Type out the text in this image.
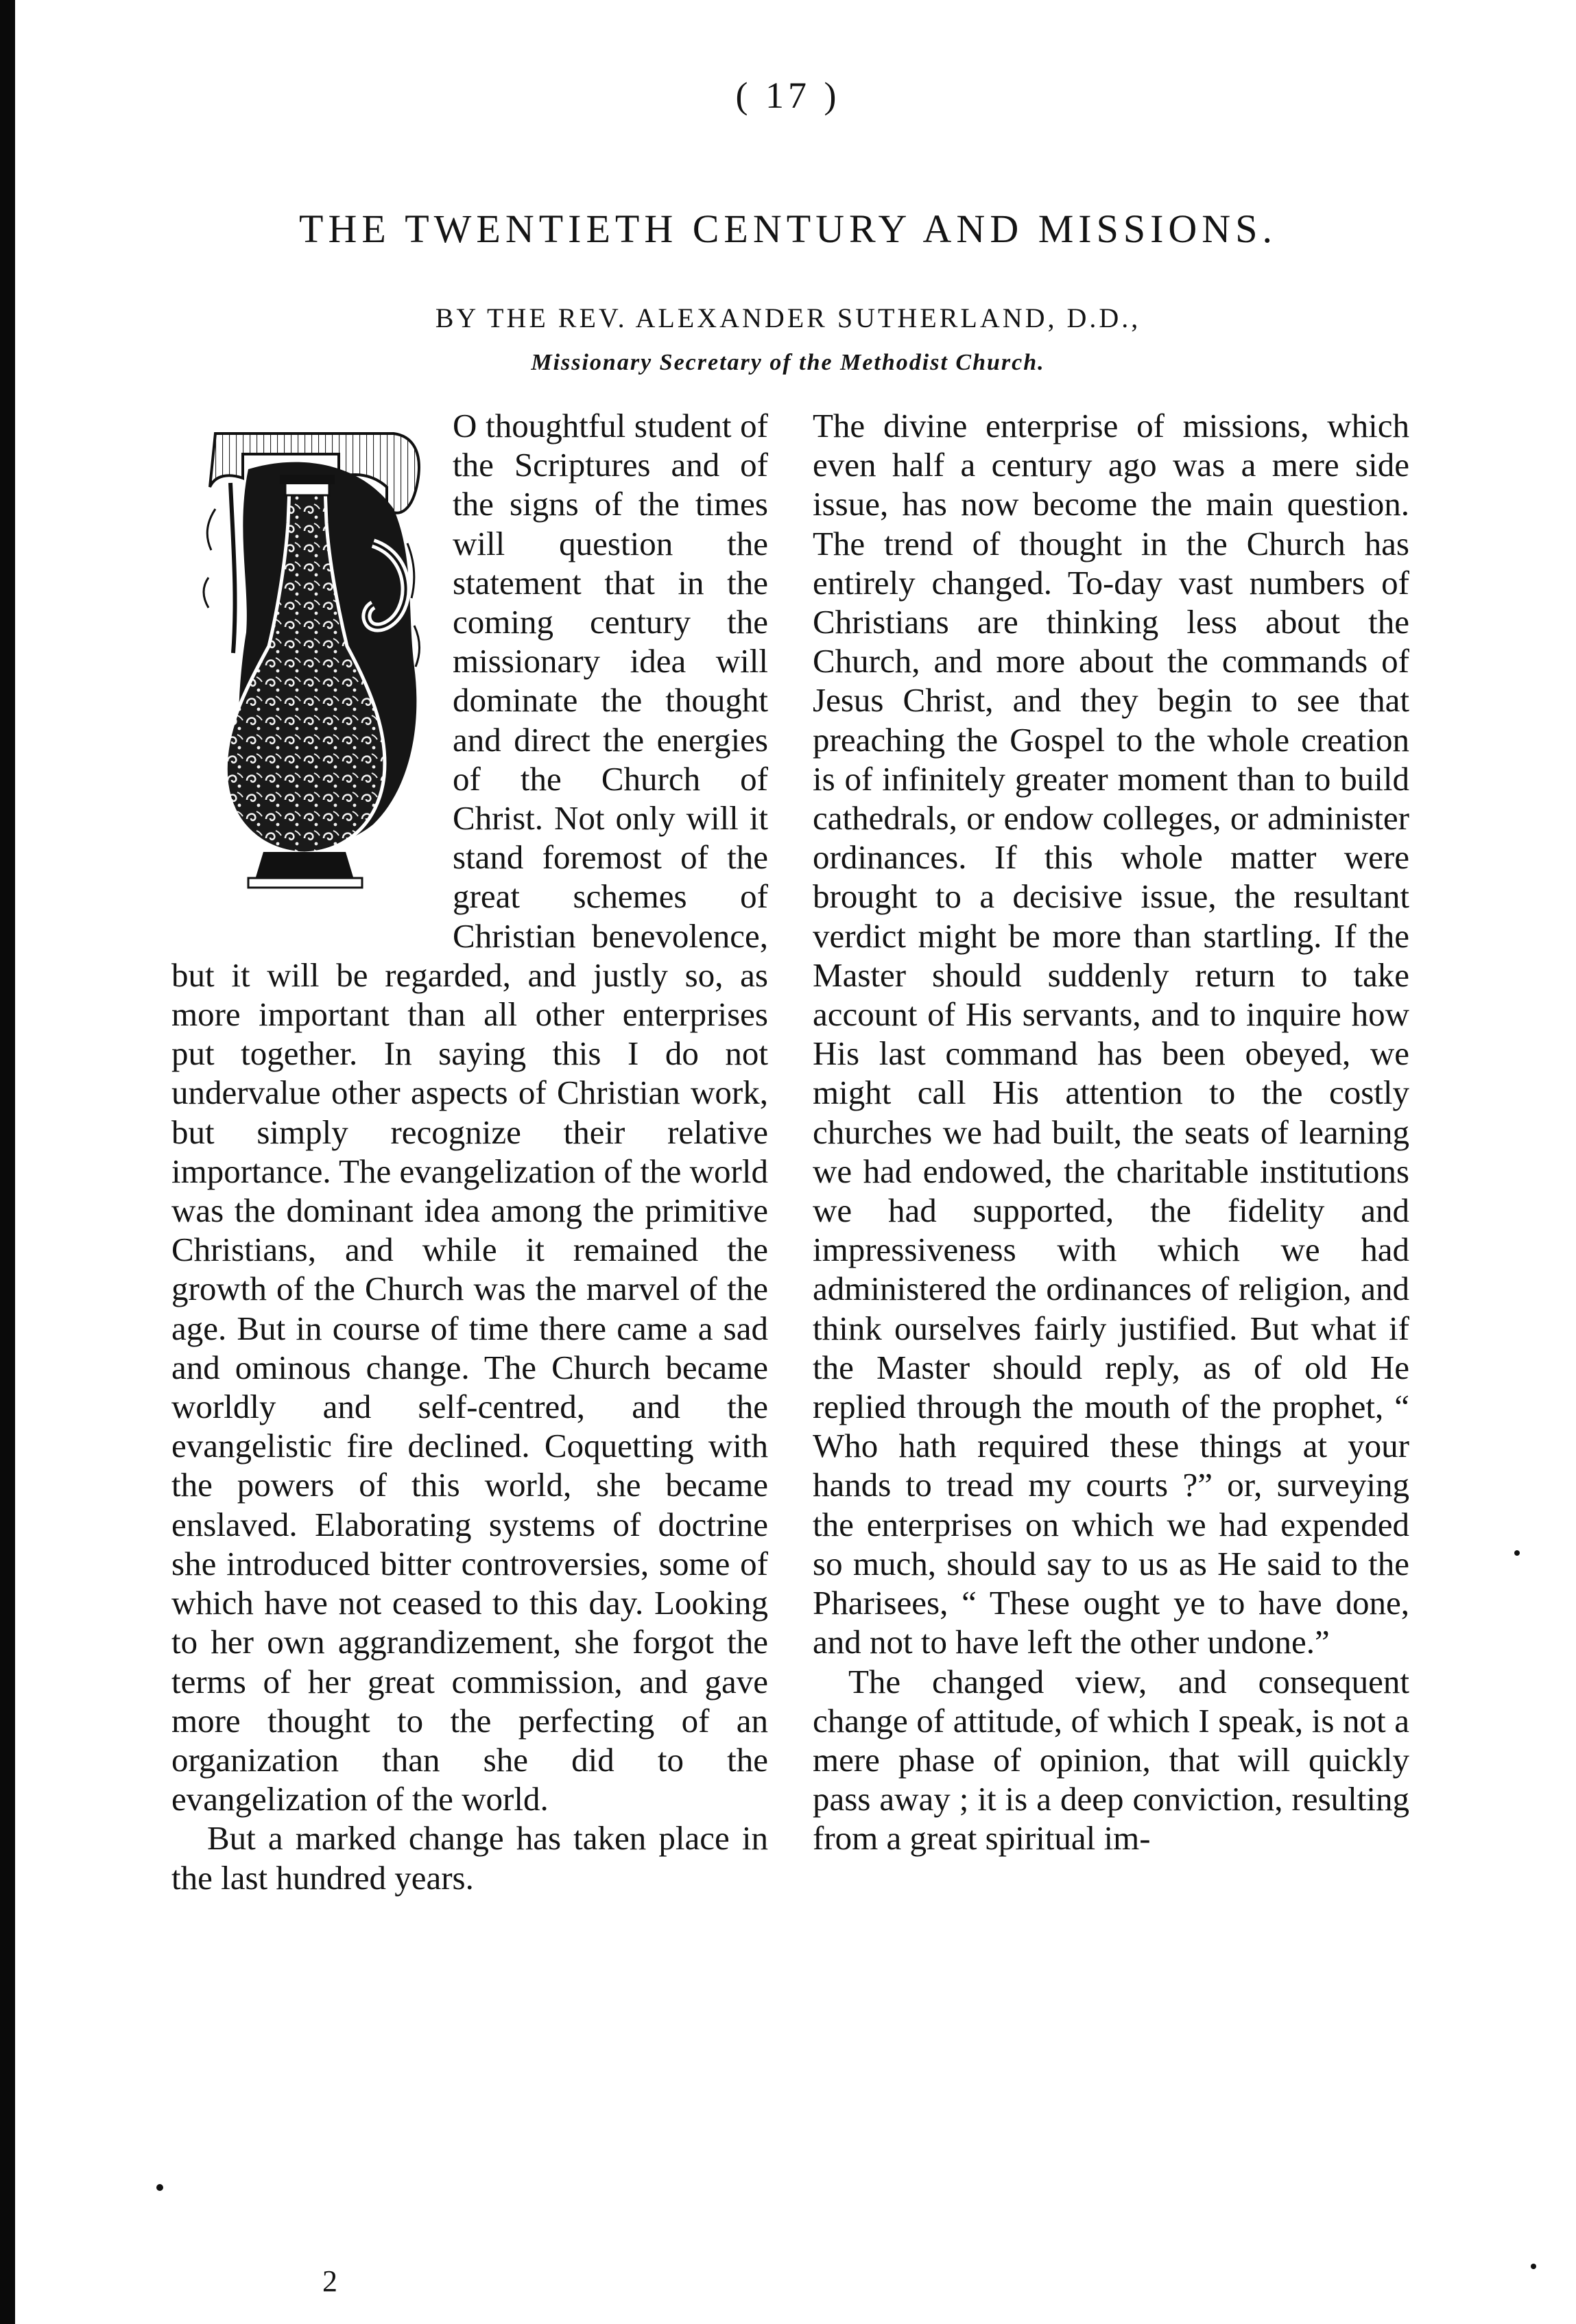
( 17 )
THE TWENTIETH CENTURY AND MISSIONS.
BY THE REV. ALEXANDER SUTHERLAND, D.D.,
Missionary Secretary of the Methodist Church.

O thoughtful student of the Scriptures and of the signs of the times will question the statement that in the coming century the missionary idea will dominate the thought and direct the energies of the Church of Christ. Not only will it stand foremost of the great schemes of Christian benevolence, but it will be regarded, and justly so, as more important than all other enterprises put together. In saying this I do not undervalue other aspects of Christian work, but simply recognize their relative importance. The evangelization of the world was the dominant idea among the primitive Christians, and while it remained the growth of the Church was the marvel of the age. But in course of time there came a sad and ominous change. The Church became worldly and self-centred, and the evangelistic fire declined. Coquetting with the powers of this world, she became enslaved. Elaborating systems of doctrine she introduced bitter controversies, some of which have not ceased to this day. Looking to her own aggrandizement, she forgot the terms of her great commission, and gave more thought to the perfecting of an organization than she did to the evangelization of the world.

But a marked change has taken place in the last hundred years.

The divine enterprise of missions, which even half a century ago was a mere side issue, has now become the main question. The trend of thought in the Church has entirely changed. To-day vast numbers of Christians are thinking less about the Church, and more about the commands of Jesus Christ, and they begin to see that preaching the Gospel to the whole creation is of infinitely greater moment than to build cathedrals, or endow colleges, or administer ordinances. If this whole matter were brought to a decisive issue, the resultant verdict might be more than startling. If the Master should suddenly return to take account of His servants, and to inquire how His last command has been obeyed, we might call His attention to the costly churches we had built, the seats of learning we had endowed, the charitable institutions we had supported, the fidelity and impressiveness with which we had administered the ordinances of religion, and think ourselves fairly justified. But what if the Master should reply, as of old He replied through the mouth of the prophet, “ Who hath required these things at your hands to tread my courts ?” or, surveying the enterprises on which we had expended so much, should say to us as He said to the Pharisees, “ These ought ye to have done, and not to have left the other undone.”

The changed view, and consequent change of attitude, of which I speak, is not a mere phase of opinion, that will quickly pass away ; it is a deep conviction, resulting from a great spiritual im-

2
